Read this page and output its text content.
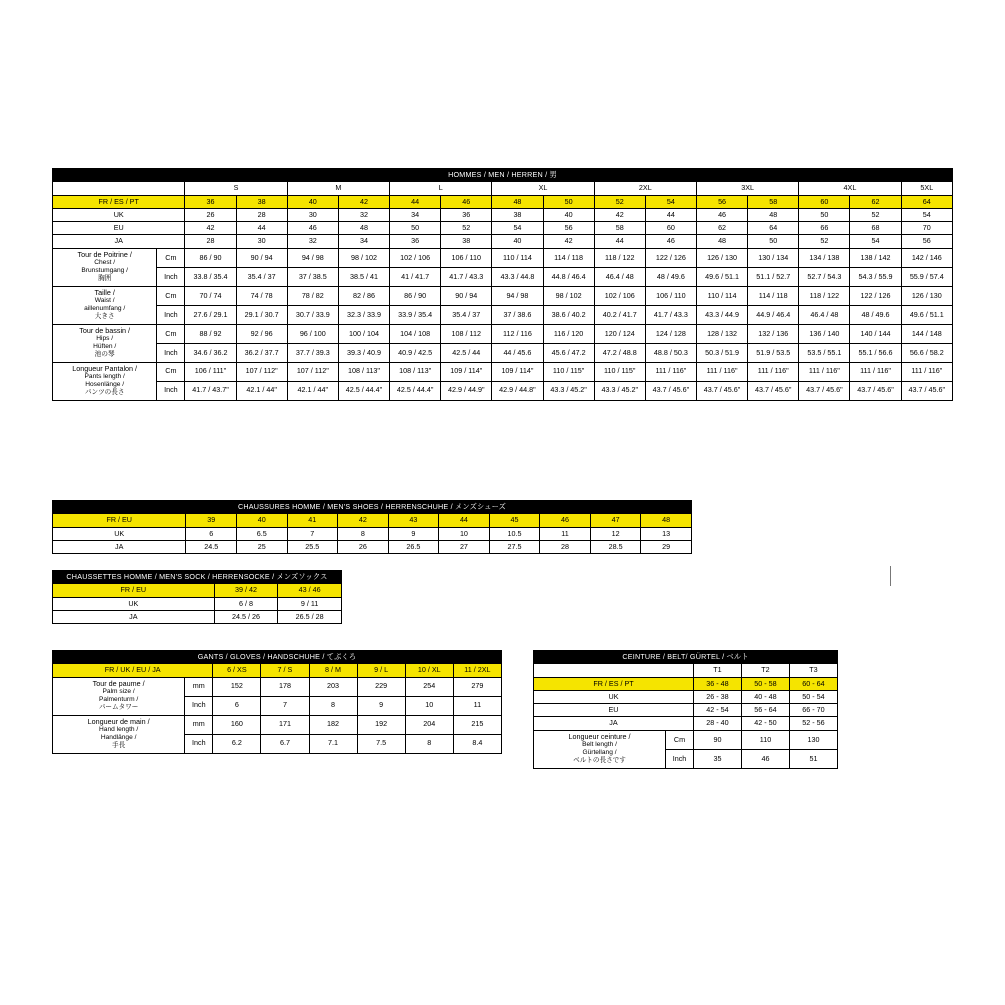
HOMMES / MEN / HERREN / 男																
		S		M		L		XL		2XL		3XL		4XL		5XL
FR / ES / PT		36	38	40	42	44	46	48	50	52	54	56	58	60	62	64
UK		26	28	30	32	34	36	38	40	42	44	46	48	50	52	54
EU		42	44	46	48	50	52	54	56	58	60	62	64	66	68	70
JA		28	30	32	34	36	38	40	42	44	46	48	50	52	54	56
Tour de Poitrine /
Chest /
Brunstumgang /
胸囲	Cm	86 / 90	90 / 94	94 / 98	98 / 102	102 / 106	106 / 110	110 / 114	114 / 118	118 / 122	122 / 126	126 / 130	130 / 134	134 / 138	138 / 142	142 / 146
	Inch	33.8 / 35.4	35.4 / 37	37 / 38.5	38.5 / 41	41 / 41.7	41.7 / 43.3	43.3 / 44.8	44.8 / 46.4	46.4 / 48	48 / 49.6	49.6 / 51.1	51.1 / 52.7	52.7 / 54.3	54.3 / 55.9	55.9 / 57.4
Taille /
Waist /
aillenumfang /
大きさ	Cm	70 / 74	74 / 78	78 / 82	82 / 86	86 / 90	90 / 94	94 / 98	98 / 102	102 / 106	106 / 110	110 / 114	114 / 118	118 / 122	122 / 126	126 / 130
	Inch	27.6 / 29.1	29.1 / 30.7	30.7 / 33.9	32.3 / 33.9	33.9 / 35.4	35.4 / 37	37 / 38.6	38.6 / 40.2	40.2 / 41.7	41.7 / 43.3	43.3 / 44.9	44.9 / 46.4	46.4 / 48	48 / 49.6	49.6 / 51.1
Tour de bassin /
Hips /
Hüften /
池の琴	Cm	88 / 92	92 / 96	96 / 100	100 / 104	104 / 108	108 / 112	112 / 116	116 / 120	120 / 124	124 / 128	128 / 132	132 / 136	136 / 140	140 / 144	144 / 148
	Inch	34.6 / 36.2	36.2 / 37.7	37.7 / 39.3	39.3 / 40.9	40.9 / 42.5	42.5 / 44	44 / 45.6	45.6 / 47.2	47.2 / 48.8	48.8 / 50.3	50.3 / 51.9	51.9 / 53.5	53.5 / 55.1	55.1 / 56.6	56.6 / 58.2
Longueur Pantalon /
Pants length /
Hosenlänge /
パンツの長さ	Cm	106 / 111"	107 / 112"	107 / 112"	108 / 113"	108 / 113"	109 / 114"	109 / 114"	110 / 115"	110 / 115"	111 / 116"	111 / 116"	111 / 116"	111 / 116"	111 / 116"	111 / 116"
	Inch	41.7 / 43.7"	42.1 / 44"	42.1 / 44"	42.5 / 44.4"	42.5 / 44.4"	42.9 / 44.9"	42.9 / 44.8"	43.3 / 45.2"	43.3 / 45.2"	43.7 / 45.6"	43.7 / 45.6"	43.7 / 45.6"	43.7 / 45.6"	43.7 / 45.6"	43.7 / 45.6"
CHAUSSURES HOMME / MEN'S SHOES / HERRENSCHUHE / メンズシューズ										
FR / EU	39	40	41	42	43	44	45	46	47	48
UK	6	6.5	7	8	9	10	10.5	11	12	13
JA	24.5	25	25.5	26	26.5	27	27.5	28	28.5	29
CHAUSSETTES HOMME / MEN'S SOCK / HERRENSOCKE / メンズソックス		
FR / EU	39 / 42	43 / 46
UK	6 / 8	9 / 11
JA	24.5 / 26	26.5 / 28
GANTS / GLOVES / HANDSCHUHE / てぶくろ							
FR / UK / EU / JA		6 / XS	7 / S	8 / M	9 / L	10 / XL	11 / 2XL
Tour de paume /
Palm size /
Palmenturm /
パームタワー	mm	152	178	203	229	254	279
	Inch	6	7	8	9	10	11
Longueur de main /
Hand length /
Handlänge /
手長	mm	160	171	182	192	204	215
	Inch	6.2	6.7	7.1	7.5	8	8.4
CEINTURE / BELT/ GÜRTEL / ベルト				
		T1	T2	T3
FR / ES / PT		36 - 48	50 - 58	60 - 64
UK		26 - 38	40 - 48	50 - 54
EU		42 - 54	56 - 64	66 - 70
JA		28 - 40	42 - 50	52 - 56
Longueur ceinture /
Belt length /
Gürtellang /
ベルトの長さです	Cm	90	110	130
	Inch	35	46	51
